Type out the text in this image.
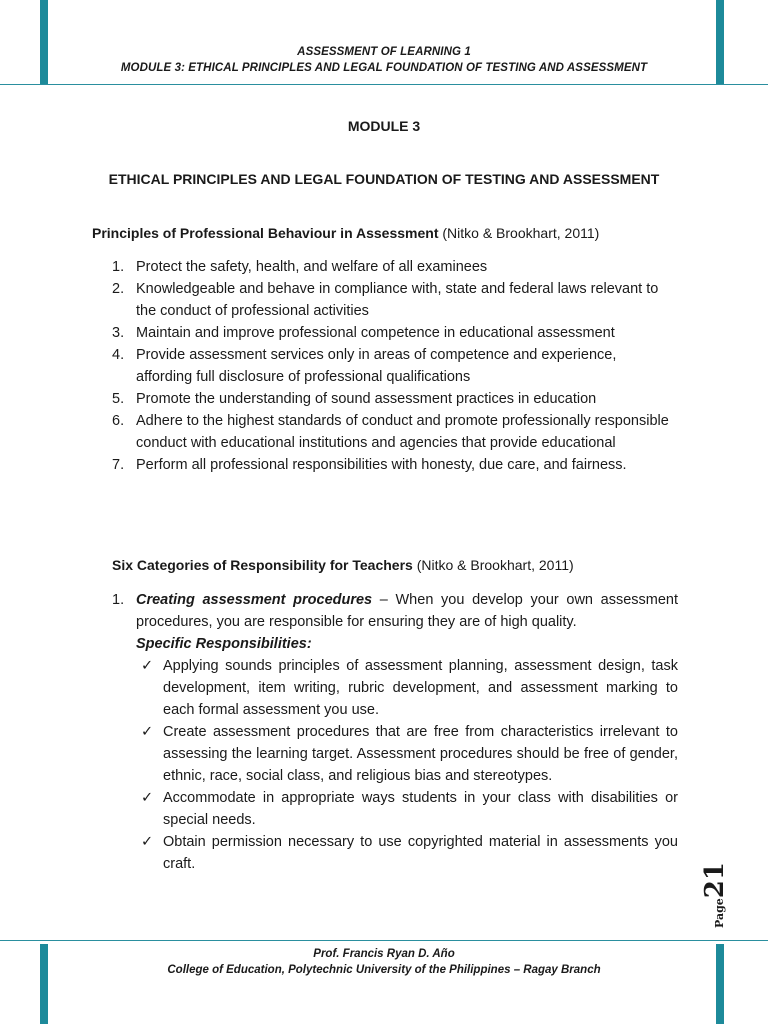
ASSESSMENT OF LEARNING 1
MODULE 3: ETHICAL PRINCIPLES AND LEGAL FOUNDATION OF TESTING AND ASSESSMENT
MODULE 3
ETHICAL PRINCIPLES AND LEGAL FOUNDATION OF TESTING AND ASSESSMENT
Principles of Professional Behaviour in Assessment (Nitko & Brookhart, 2011)
1. Protect the safety, health, and welfare of all examinees
2. Knowledgeable and behave in compliance with, state and federal laws relevant to the conduct of professional activities
3. Maintain and improve professional competence in educational assessment
4. Provide assessment services only in areas of competence and experience, affording full disclosure of professional qualifications
5. Promote the understanding of sound assessment practices in education
6. Adhere to the highest standards of conduct and promote professionally responsible conduct with educational institutions and agencies that provide educational
7. Perform all professional responsibilities with honesty, due care, and fairness.
Six Categories of Responsibility for Teachers (Nitko & Brookhart, 2011)
1. Creating assessment procedures – When you develop your own assessment procedures, you are responsible for ensuring they are of high quality.
Specific Responsibilities:
✓ Applying sounds principles of assessment planning, assessment design, task development, item writing, rubric development, and assessment marking to each formal assessment you use.
✓ Create assessment procedures that are free from characteristics irrelevant to assessing the learning target. Assessment procedures should be free of gender, ethnic, race, social class, and religious bias and stereotypes.
✓ Accommodate in appropriate ways students in your class with disabilities or special needs.
✓ Obtain permission necessary to use copyrighted material in assessments you craft.
Page21
Prof. Francis Ryan D. Año
College of Education, Polytechnic University of the Philippines – Ragay Branch
